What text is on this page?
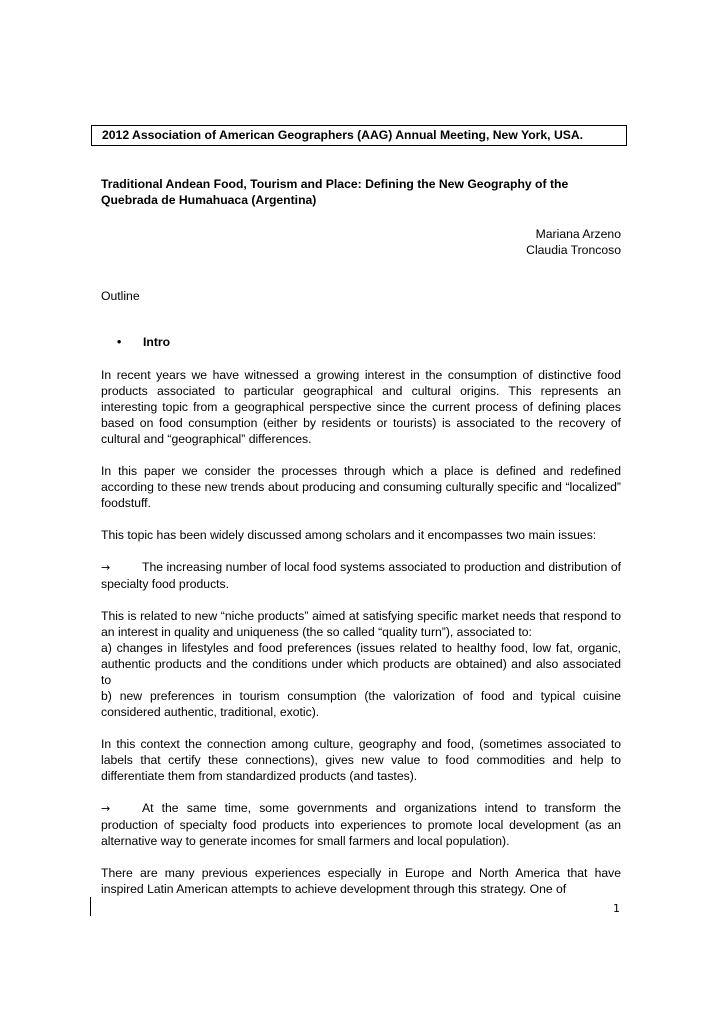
2012 Association of American Geographers (AAG) Annual Meeting, New York, USA.

Traditional Andean Food, Tourism and Place: Defining the New Geography of the Quebrada de Humahuaca (Argentina)

Mariana Arzeno
Claudia Troncoso
Outline
• Intro

In recent years we have witnessed a growing interest in the consumption of distinctive food products associated to particular geographical and cultural origins. This represents an interesting topic from a geographical perspective since the current process of defining places based on food consumption (either by residents or tourists) is associated to the recovery of cultural and “geographical” differences.

In this paper we consider the processes through which a place is defined and redefined according to these new trends about producing and consuming culturally specific and “localized” foodstuff.

This topic has been widely discussed among scholars and it encompasses two main issues:

→	The increasing number of local food systems associated to production and distribution of specialty food products.

This is related to new “niche products” aimed at satisfying specific market needs that respond to an interest in quality and uniqueness (the so called “quality turn”), associated to:

a) changes in lifestyles and food preferences (issues related to healthy food, low fat, organic, authentic products and the conditions under which products are obtained) and also associated to

b) new preferences in tourism consumption (the valorization of food and typical cuisine considered authentic, traditional, exotic).

In this context the connection among culture, geography and food, (sometimes associated to labels that certify these connections), gives new value to food commodities and help to differentiate them from standardized products (and tastes).

→	At the same time, some governments and organizations intend to transform the production of specialty food products into experiences to promote local development (as an alternative way to generate incomes for small farmers and local population).

There are many previous experiences especially in Europe and North America that have inspired Latin American attempts to achieve development through this strategy. One of

1
